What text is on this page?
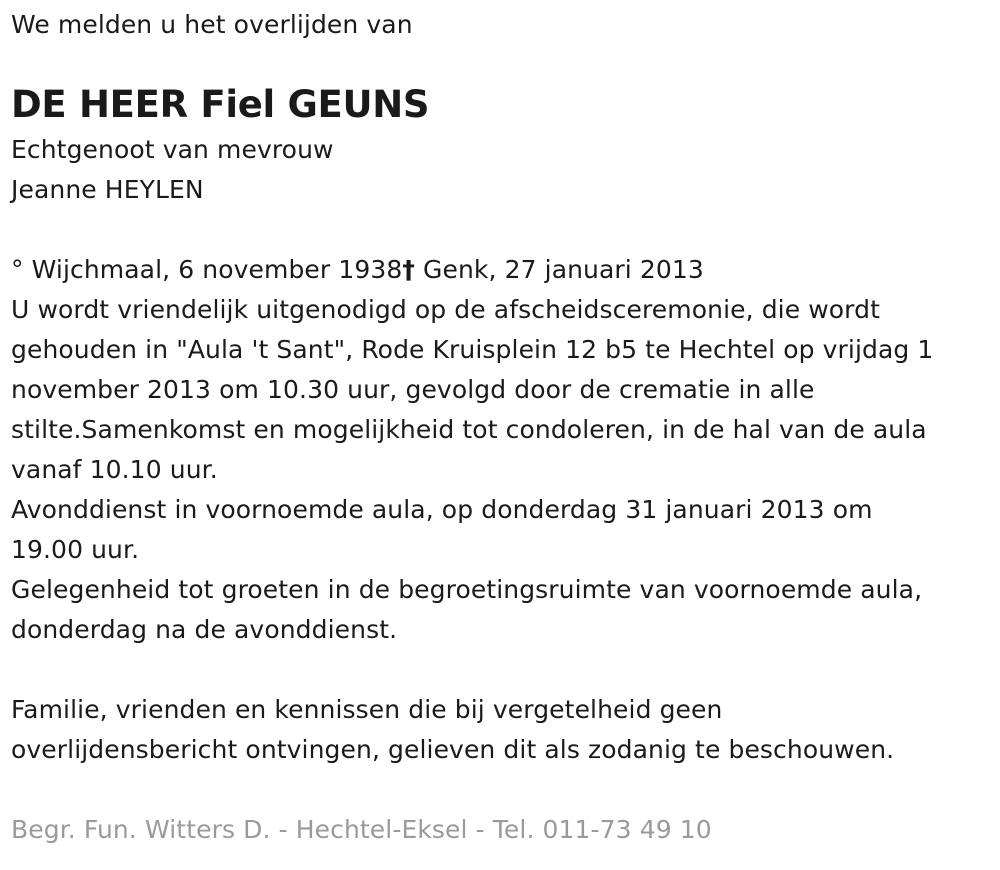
We melden u het overlijden van
DE HEER Fiel GEUNS
Echtgenoot van mevrouw
Jeanne HEYLEN
° Wijchmaal, 6 november 1938† Genk, 27 januari 2013
U wordt vriendelijk uitgenodigd op de afscheidsceremonie, die wordt
gehouden in "Aula 't Sant", Rode Kruisplein 12 b5 te Hechtel op vrijdag 1
november 2013 om 10.30 uur, gevolgd door de crematie in alle
stilte.Samenkomst en mogelijkheid tot condoleren, in de hal van de aula
vanaf 10.10 uur.
Avonddienst in voornoemde aula, op donderdag 31 januari 2013 om
19.00 uur.
Gelegenheid tot groeten in de begroetingsruimte van voornoemde aula,
donderdag na de avonddienst.
Familie, vrienden en kennissen die bij vergetelheid geen
overlijdensbericht ontvingen, gelieven dit als zodanig te beschouwen.
Begr. Fun. Witters D. - Hechtel-Eksel - Tel. 011-73 49 10
